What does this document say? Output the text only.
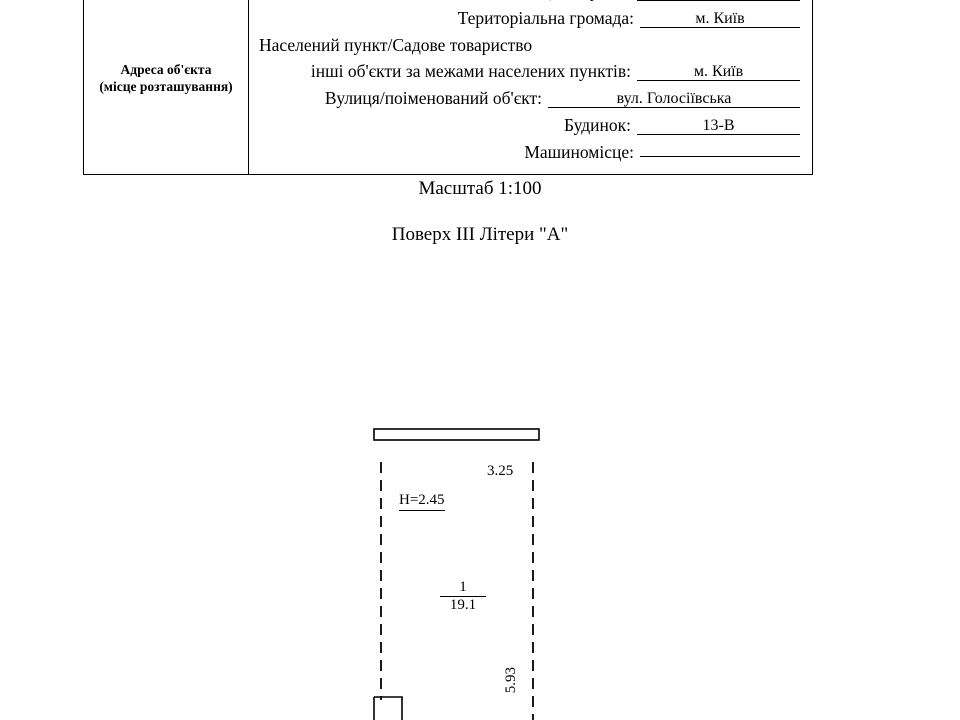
Адреса об'єкта
(місце розташування)
Територіальна громада:	м. Київ
Населений пункт/Садове товариство
інші об'єкти за межами населених пунктів:	м. Київ
Вулиця/поіменований об'єкт:	вул. Голосіївська
Будинок:	13-В
Машиномісце:
Масштаб 1:100
Поверх III Літери "А"
H=2.45
3.25
$\frac{1}{19.1}$
5.93
